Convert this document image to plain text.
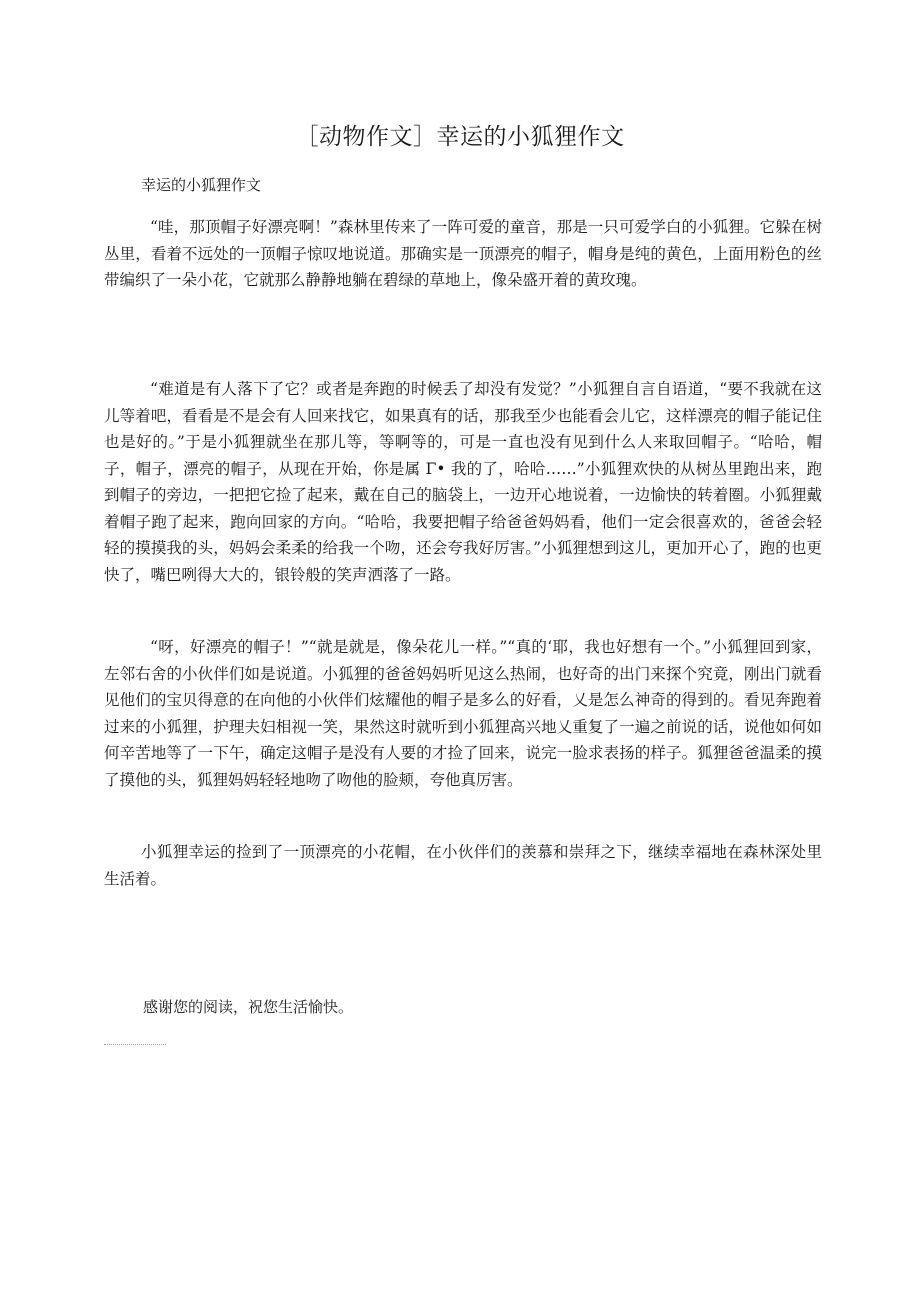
［动物作文］幸运的小狐狸作文
幸运的小狐狸作文

“哇，那顶帽子好漂亮啊！”森林里传来了一阵可爱的童音，那是一只可爱学白的小狐狸。它躲在树丛里，看着不远处的一顶帽子惊叹地说道。那确实是一顶漂亮的帽子，帽身是纯的黄色，上面用粉色的丝带编织了一朵小花，它就那么静静地躺在碧绿的草地上，像朵盛开着的黄玫瑰。

“难道是有人落下了它？或者是奔跑的时候丢了却没有发觉？”小狐狸自言自语道，“要不我就在这儿等着吧，看看是不是会有人回来找它，如果真有的话，那我至少也能看会儿它，这样漂亮的帽子能记住也是好的。”于是小狐狸就坐在那儿等，等啊等的，可是一直也没有见到什么人来取回帽子。“哈哈，帽子，帽子，漂亮的帽子，从现在开始，你是属 Γ• 我的了，哈哈……”小狐狸欢快的从树丛里跑出来，跑到帽子的旁边，一把把它捡了起来，戴在自己的脑袋上，一边开心地说着，一边愉快的转着圈。小狐狸戴着帽子跑了起来，跑向回家的方向。“哈哈，我要把帽子给爸爸妈妈看，他们一定会很喜欢的，爸爸会轻轻的摸摸我的头，妈妈会柔柔的给我一个吻，还会夸我好厉害。”小狐狸想到这儿，更加开心了，跑的也更快了，嘴巴咧得大大的，银铃般的笑声洒落了一路。

“呀，好漂亮的帽子！”“就是就是，像朵花儿一样。”“真的‘耶，我也好想有一个。”小狐狸回到家，左邻右舍的小伙伴们如是说道。小狐狸的爸爸妈妈听见这么热闹，也好奇的出门来探个究竟，刚出门就看见他们的宝贝得意的在向他的小伙伴们炫耀他的帽子是多么的好看，乂是怎么神奇的得到的。看见奔跑着过来的小狐狸，护理夫妇相视一笑，果然这时就听到小狐狸高兴地乂重复了一遍之前说的话，说他如何如何辛苦地等了一下午，确定这帽子是没有人要的才捡了回来，说完一脸求表扬的样子。狐狸爸爸温柔的摸了摸他的头，狐狸妈妈轻轻地吻了吻他的脸颊，夸他真厉害。

小狐狸幸运的捡到了一顶漂亮的小花帽，在小伙伴们的羡慕和崇拜之下，继续幸福地在森林深处里生活着。

感谢您的阅读，祝您生活愉快。
